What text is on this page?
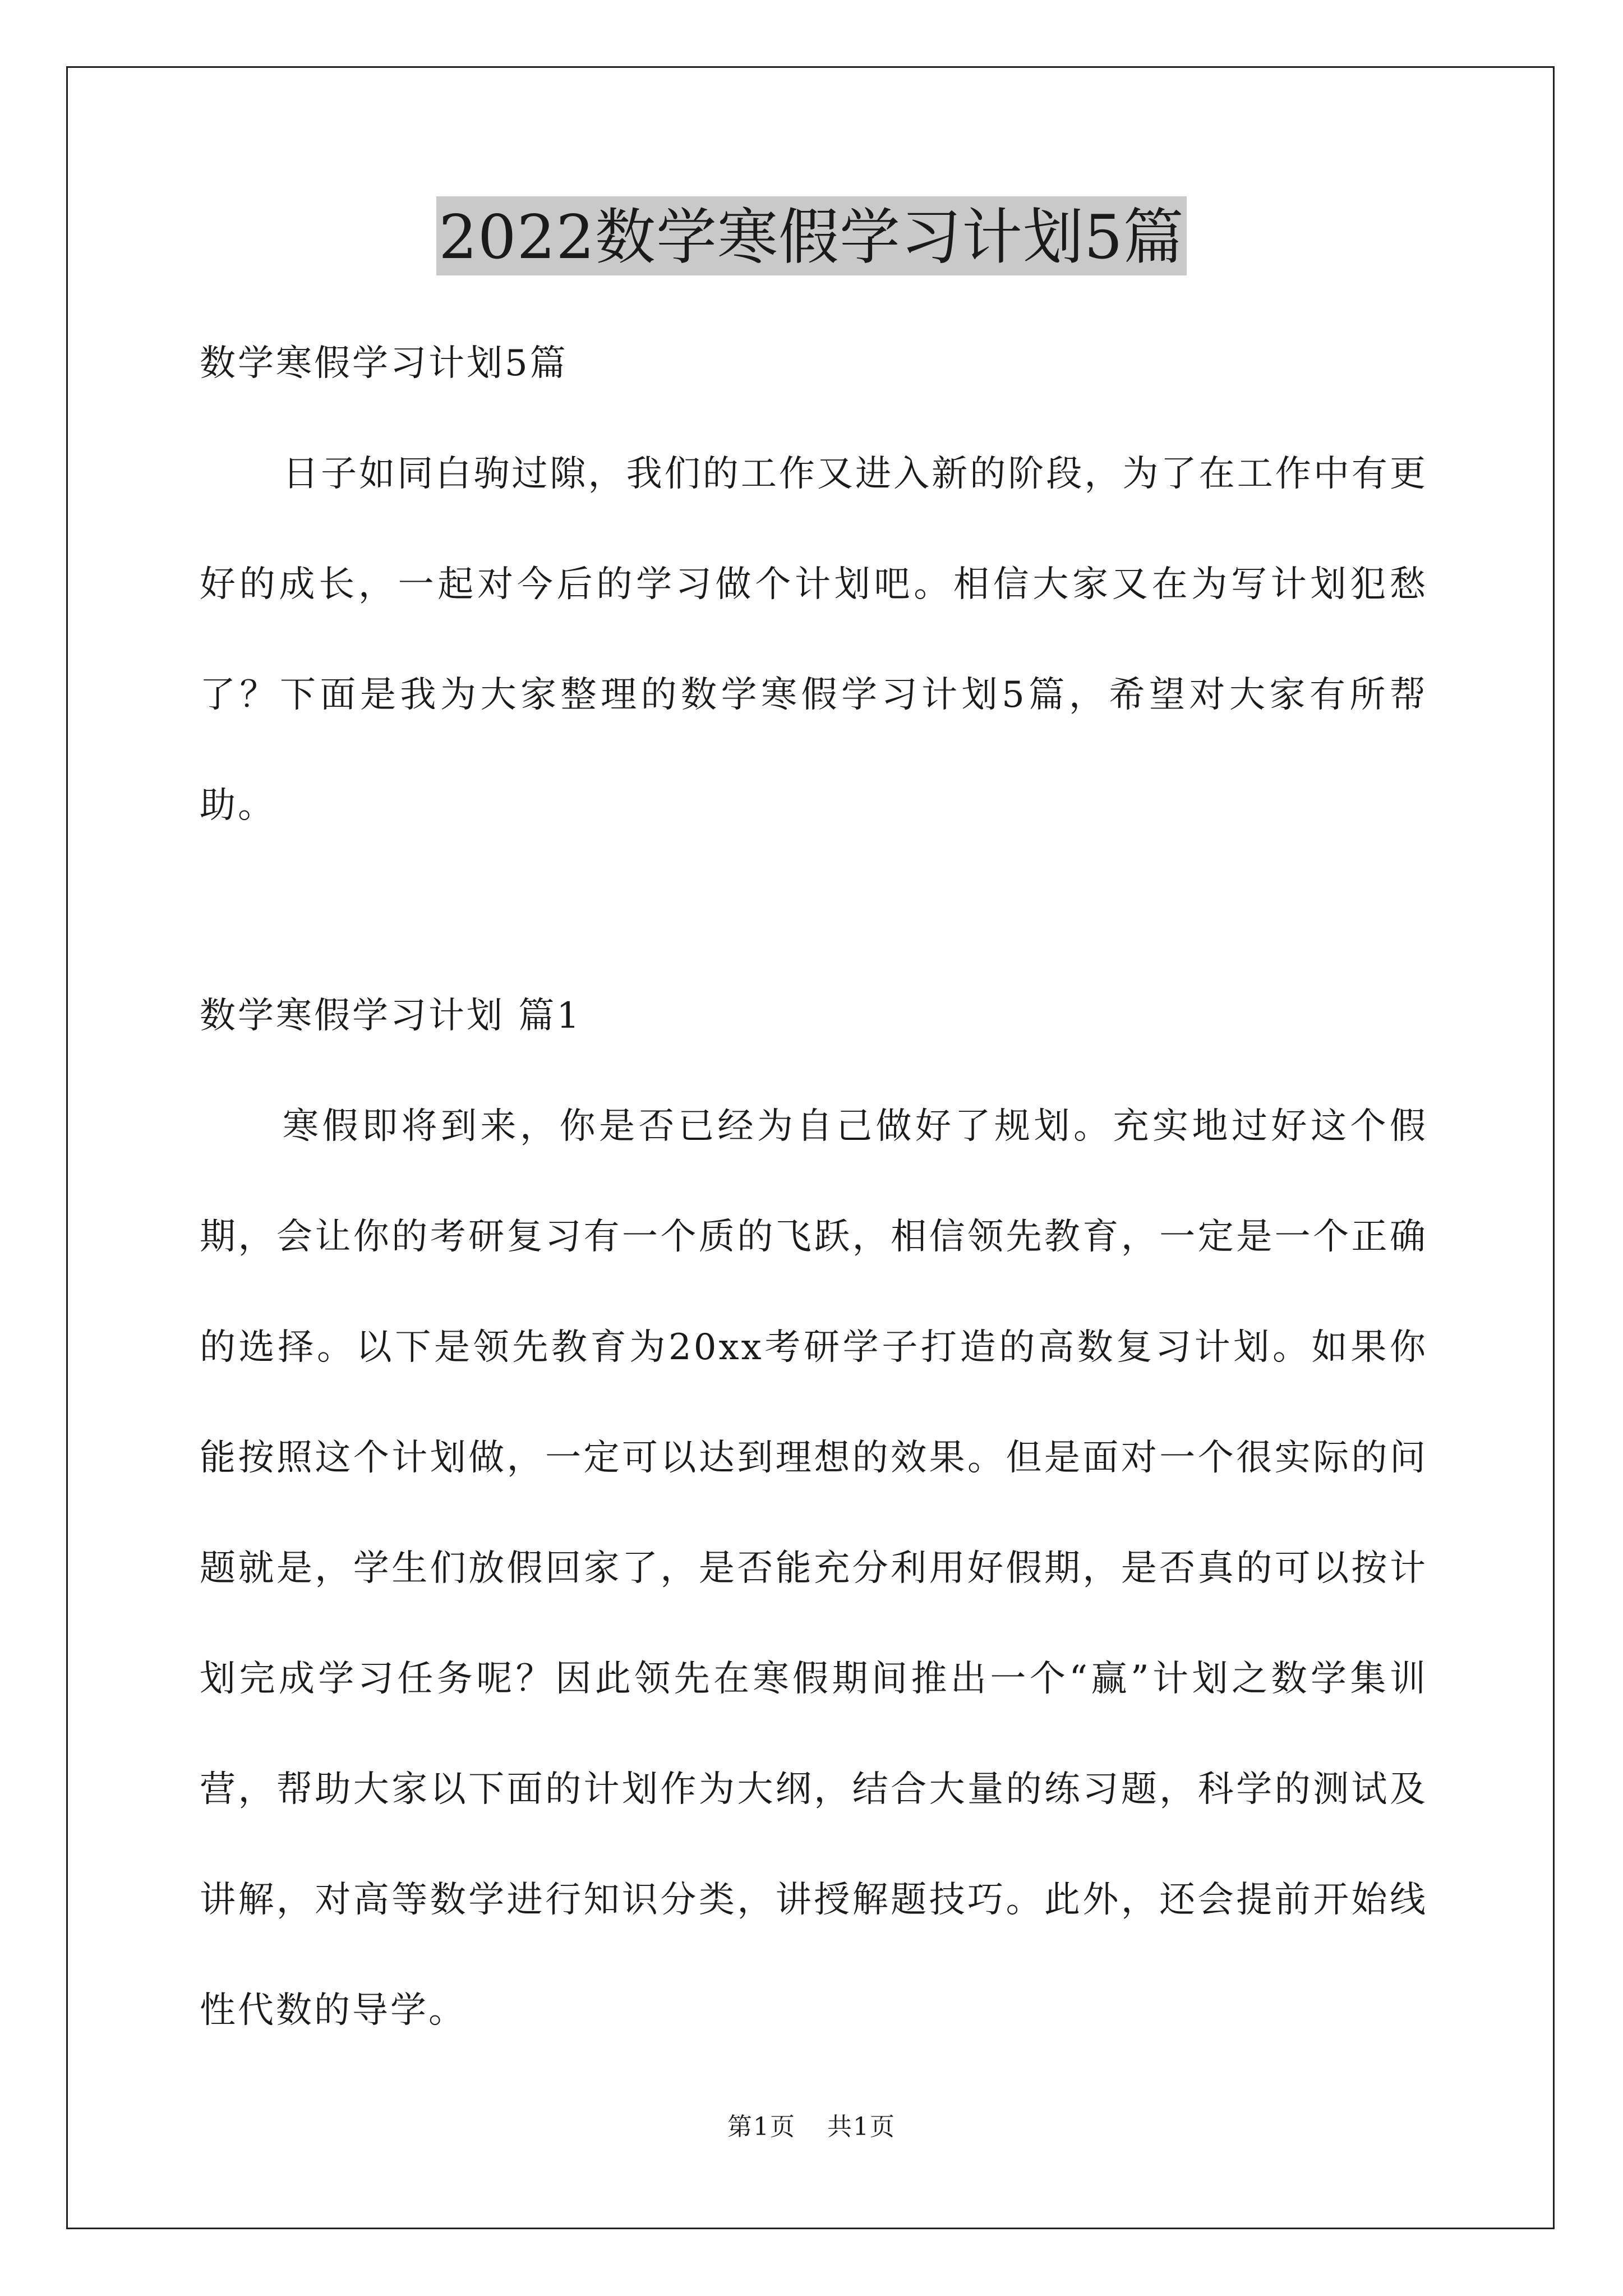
2022数学寒假学习计划5篇

数学寒假学习计划5篇

日子如同白驹过隙，我们的工作又进入新的阶段，为了在工作中有更好的成长，一起对今后的学习做个计划吧。相信大家又在为写计划犯愁了？下面是我为大家整理的数学寒假学习计划5篇，希望对大家有所帮助。

数学寒假学习计划 篇1

寒假即将到来，你是否已经为自己做好了规划。充实地过好这个假期，会让你的考研复习有一个质的飞跃，相信领先教育，一定是一个正确的选择。以下是领先教育为20xx考研学子打造的高数复习计划。如果你能按照这个计划做，一定可以达到理想的效果。但是面对一个很实际的问题就是，学生们放假回家了，是否能充分利用好假期，是否真的可以按计划完成学习任务呢？因此领先在寒假期间推出一个“赢”计划之数学集训营，帮助大家以下面的计划作为大纲，结合大量的练习题，科学的测试及讲解，对高等数学进行知识分类，讲授解题技巧。此外，还会提前开始线性代数的导学。

第1页 共1页
